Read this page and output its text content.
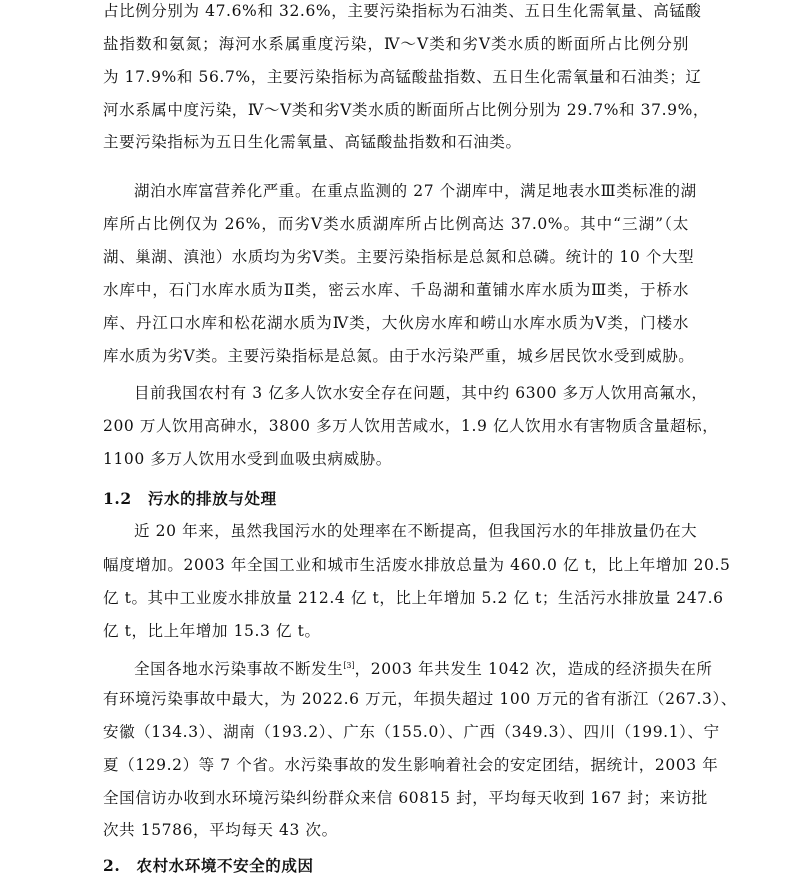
占比例分别为 47.6%和 32.6%，主要污染指标为石油类、五日生化需氧量、高锰酸
盐指数和氨氮；海河水系属重度污染，Ⅳ～Ⅴ类和劣Ⅴ类水质的断面所占比例分别
为 17.9%和 56.7%，主要污染指标为高锰酸盐指数、五日生化需氧量和石油类；辽
河水系属中度污染，Ⅳ～Ⅴ类和劣Ⅴ类水质的断面所占比例分别为 29.7%和 37.9%，
主要污染指标为五日生化需氧量、高锰酸盐指数和石油类。
湖泊水库富营养化严重。在重点监测的 27 个湖库中，满足地表水Ⅲ类标准的湖
库所占比例仅为 26%，而劣Ⅴ类水质湖库所占比例高达 37.0%。其中“三湖”（太
湖、巢湖、滇池）水质均为劣Ⅴ类。主要污染指标是总氮和总磷。统计的 10 个大型
水库中，石门水库水质为Ⅱ类，密云水库、千岛湖和董铺水库水质为Ⅲ类，于桥水
库、丹江口水库和松花湖水质为Ⅳ类，大伙房水库和崂山水库水质为Ⅴ类，门楼水
库水质为劣Ⅴ类。主要污染指标是总氮。由于水污染严重，城乡居民饮水受到威胁。
目前我国农村有 3 亿多人饮水安全存在问题，其中约 6300 多万人饮用高氟水，
200 万人饮用高砷水，3800 多万人饮用苦咸水，1.9 亿人饮用水有害物质含量超标，
1100 多万人饮用水受到血吸虫病威胁。
1.2　污水的排放与处理
近 20 年来，虽然我国污水的处理率在不断提高，但我国污水的年排放量仍在大
幅度增加。2003 年全国工业和城市生活废水排放总量为 460.0 亿 t，比上年增加 20.5
亿 t。其中工业废水排放量 212.4 亿 t，比上年增加 5.2 亿 t；生活污水排放量 247.6
亿 t，比上年增加 15.3 亿 t。
全国各地水污染事故不断发生[3]，2003 年共发生 1042 次，造成的经济损失在所
有环境污染事故中最大，为 2022.6 万元，年损失超过 100 万元的省有浙江（267.3）、
安徽（134.3）、湖南（193.2）、广东（155.0）、广西（349.3）、四川（199.1）、宁
夏（129.2）等 7 个省。水污染事故的发生影响着社会的安定团结，据统计，2003 年
全国信访办收到水环境污染纠纷群众来信 60815 封，平均每天收到 167 封；来访批
次共 15786，平均每天 43 次。
2.　农村水环境不安全的成因
